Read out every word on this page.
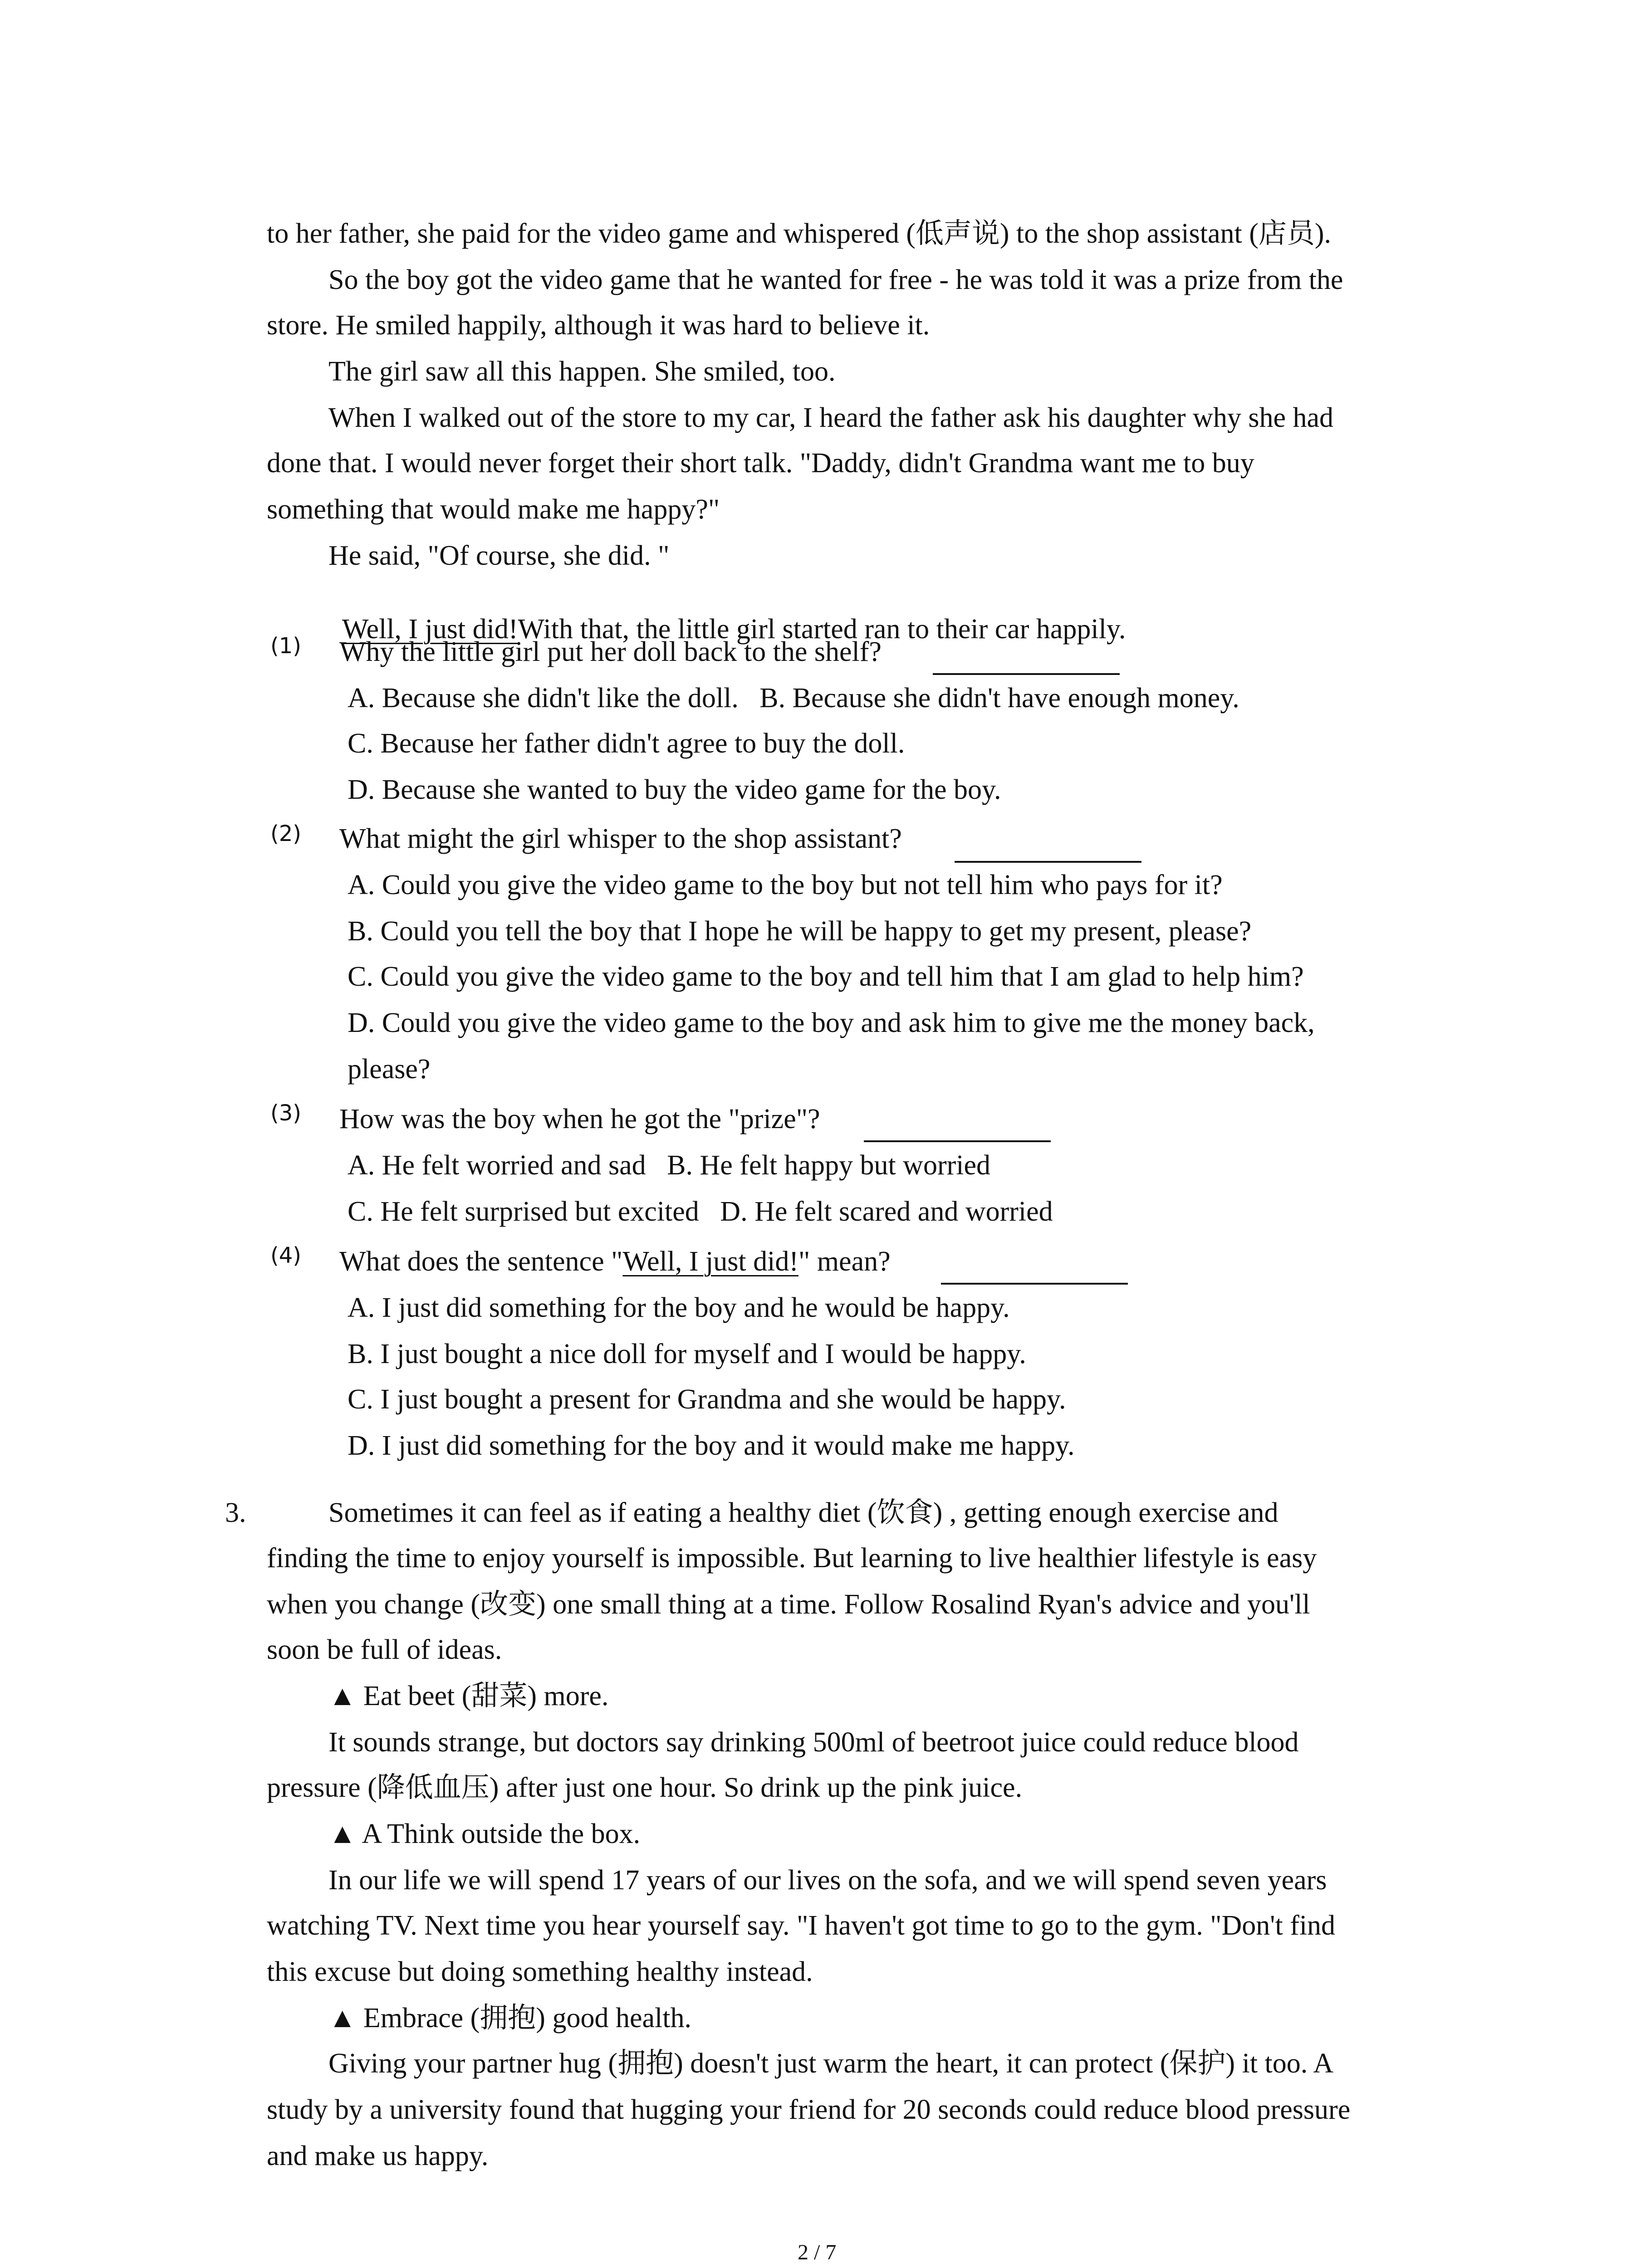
to her father, she paid for the video game and whispered (低声说) to the shop assistant (店员).
So the boy got the video game that he wanted for free - he was told it was a prize from the
store. He smiled happily, although it was hard to believe it.
The girl saw all this happen. She smiled, too.
When I walked out of the store to my car, I heard the father ask his daughter why she had
done that. I would never forget their short talk. "Daddy, didn't Grandma want me to buy
something that would make me happy?"
He said, "Of course, she did. "

Well, I just did!With that, the little girl started ran to their car happily.

(1) Why the little girl put her doll back to the shelf?
A. Because she didn't like the doll.   B. Because she didn't have enough money.
C. Because her father didn't agree to buy the doll.
D. Because she wanted to buy the video game for the boy.
(2) What might the girl whisper to the shop assistant?
A. Could you give the video game to the boy but not tell him who pays for it?
B. Could you tell the boy that I hope he will be happy to get my present, please?
C. Could you give the video game to the boy and tell him that I am glad to help him?
D. Could you give the video game to the boy and ask him to give me the money back,
please?
(3) How was the boy when he got the "prize"?
A. He felt worried and sad   B. He felt happy but worried
C. He felt surprised but excited   D. He felt scared and worried
(4) What does the sentence "Well, I just did!" mean?
A. I just did something for the boy and he would be happy.
B. I just bought a nice doll for myself and I would be happy.
C. I just bought a present for Grandma and she would be happy.
D. I just did something for the boy and it would make me happy.
3.	Sometimes it can feel as if eating a healthy diet (饮食) , getting enough exercise and
finding the time to enjoy yourself is impossible. But learning to live healthier lifestyle is easy
when you change (改变) one small thing at a time. Follow Rosalind Ryan's advice and you'll
soon be full of ideas.
▲ Eat beet (甜菜) more.
It sounds strange, but doctors say drinking 500ml of beetroot juice could reduce blood
pressure (降低血压) after just one hour. So drink up the pink juice.
▲ A Think outside the box.
In our life we will spend 17 years of our lives on the sofa, and we will spend seven years
watching TV. Next time you hear yourself say. "I haven't got time to go to the gym. "Don't find
this excuse but doing something healthy instead.
▲ Embrace (拥抱) good health.
Giving your partner hug (拥抱) doesn't just warm the heart, it can protect (保护) it too. A
study by a university found that hugging your friend for 20 seconds could reduce blood pressure
and make us happy.
2 / 7
